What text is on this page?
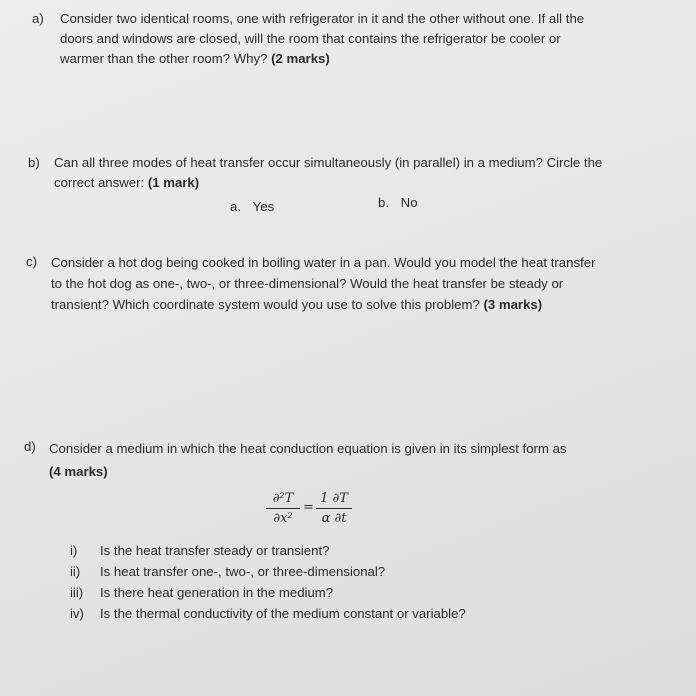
a) Consider two identical rooms, one with refrigerator in it and the other without one. If all the
doors and windows are closed, will the room that contains the refrigerator be cooler or
warmer than the other room? Why? (2 marks)
b) Can all three modes of heat transfer occur simultaneously (in parallel) in a medium? Circle the
correct answer: (1 mark)
a. Yes	b. No
c) Consider a hot dog being cooked in boiling water in a pan. Would you model the heat transfer
to the hot dog as one-, two-, or three-dimensional? Would the heat transfer be steady or
transient? Which coordinate system would you use to solve this problem? (3 marks)
d) Consider a medium in which the heat conduction equation is given in its simplest form as
(4 marks)
∂²T
∂x²
=
1 ∂T
α ∂t
i) Is the heat transfer steady or transient?
ii) Is heat transfer one-, two-, or three-dimensional?
iii) Is there heat generation in the medium?
iv) Is the thermal conductivity of the medium constant or variable?
